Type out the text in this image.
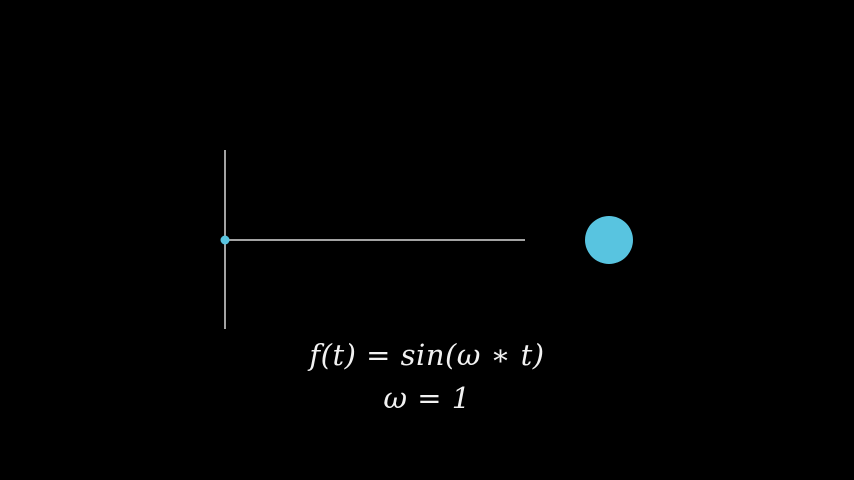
f(t) = sin(ω ∗ t)
ω = 1
